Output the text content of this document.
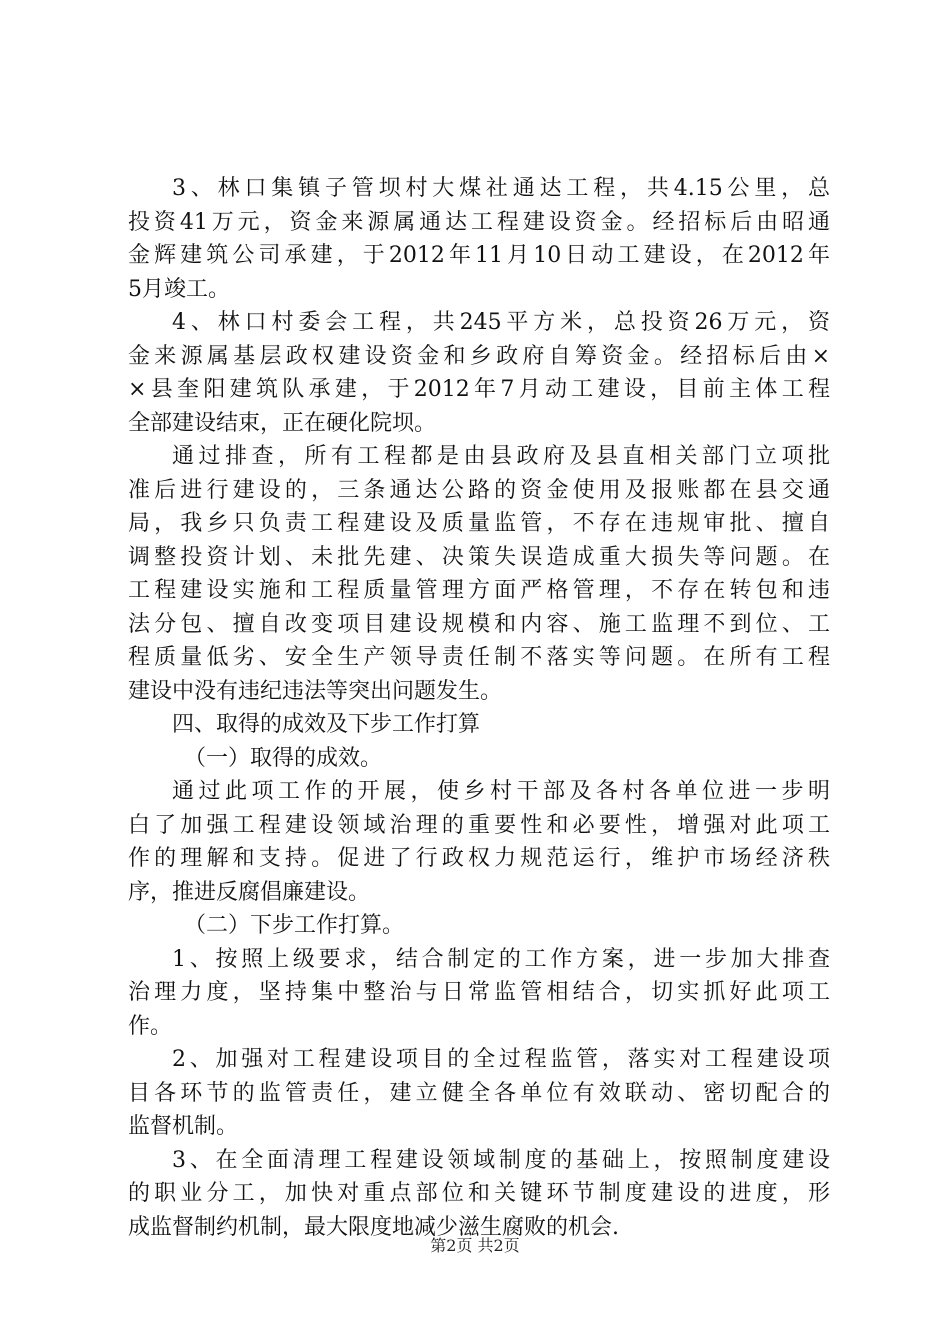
3、林口集镇子管坝村大煤社通达工程，共4.15公里，总
投资41万元，资金来源属通达工程建设资金。经招标后由昭通
金辉建筑公司承建，于2012年11月10日动工建设，在2012年
5月竣工。
4、林口村委会工程，共245平方米，总投资26万元，资
金来源属基层政权建设资金和乡政府自筹资金。经招标后由×
×县奎阳建筑队承建，于2012年7月动工建设，目前主体工程
全部建设结束，正在硬化院坝。
通过排查，所有工程都是由县政府及县直相关部门立项批
准后进行建设的，三条通达公路的资金使用及报账都在县交通
局，我乡只负责工程建设及质量监管，不存在违规审批、擅自
调整投资计划、未批先建、决策失误造成重大损失等问题。在
工程建设实施和工程质量管理方面严格管理，不存在转包和违
法分包、擅自改变项目建设规模和内容、施工监理不到位、工
程质量低劣、安全生产领导责任制不落实等问题。在所有工程
建设中没有违纪违法等突出问题发生。
四、取得的成效及下步工作打算
（一）取得的成效。
通过此项工作的开展，使乡村干部及各村各单位进一步明
白了加强工程建设领域治理的重要性和必要性，增强对此项工
作的理解和支持。促进了行政权力规范运行，维护市场经济秩
序，推进反腐倡廉建设。
（二）下步工作打算。
1、按照上级要求，结合制定的工作方案，进一步加大排查
治理力度，坚持集中整治与日常监管相结合，切实抓好此项工
作。
2、加强对工程建设项目的全过程监管，落实对工程建设项
目各环节的监管责任，建立健全各单位有效联动、密切配合的
监督机制。
3、在全面清理工程建设领域制度的基础上，按照制度建设
的职业分工，加快对重点部位和关键环节制度建设的进度，形
成监督制约机制，最大限度地减少滋生腐败的机会.
第2页 共2页
